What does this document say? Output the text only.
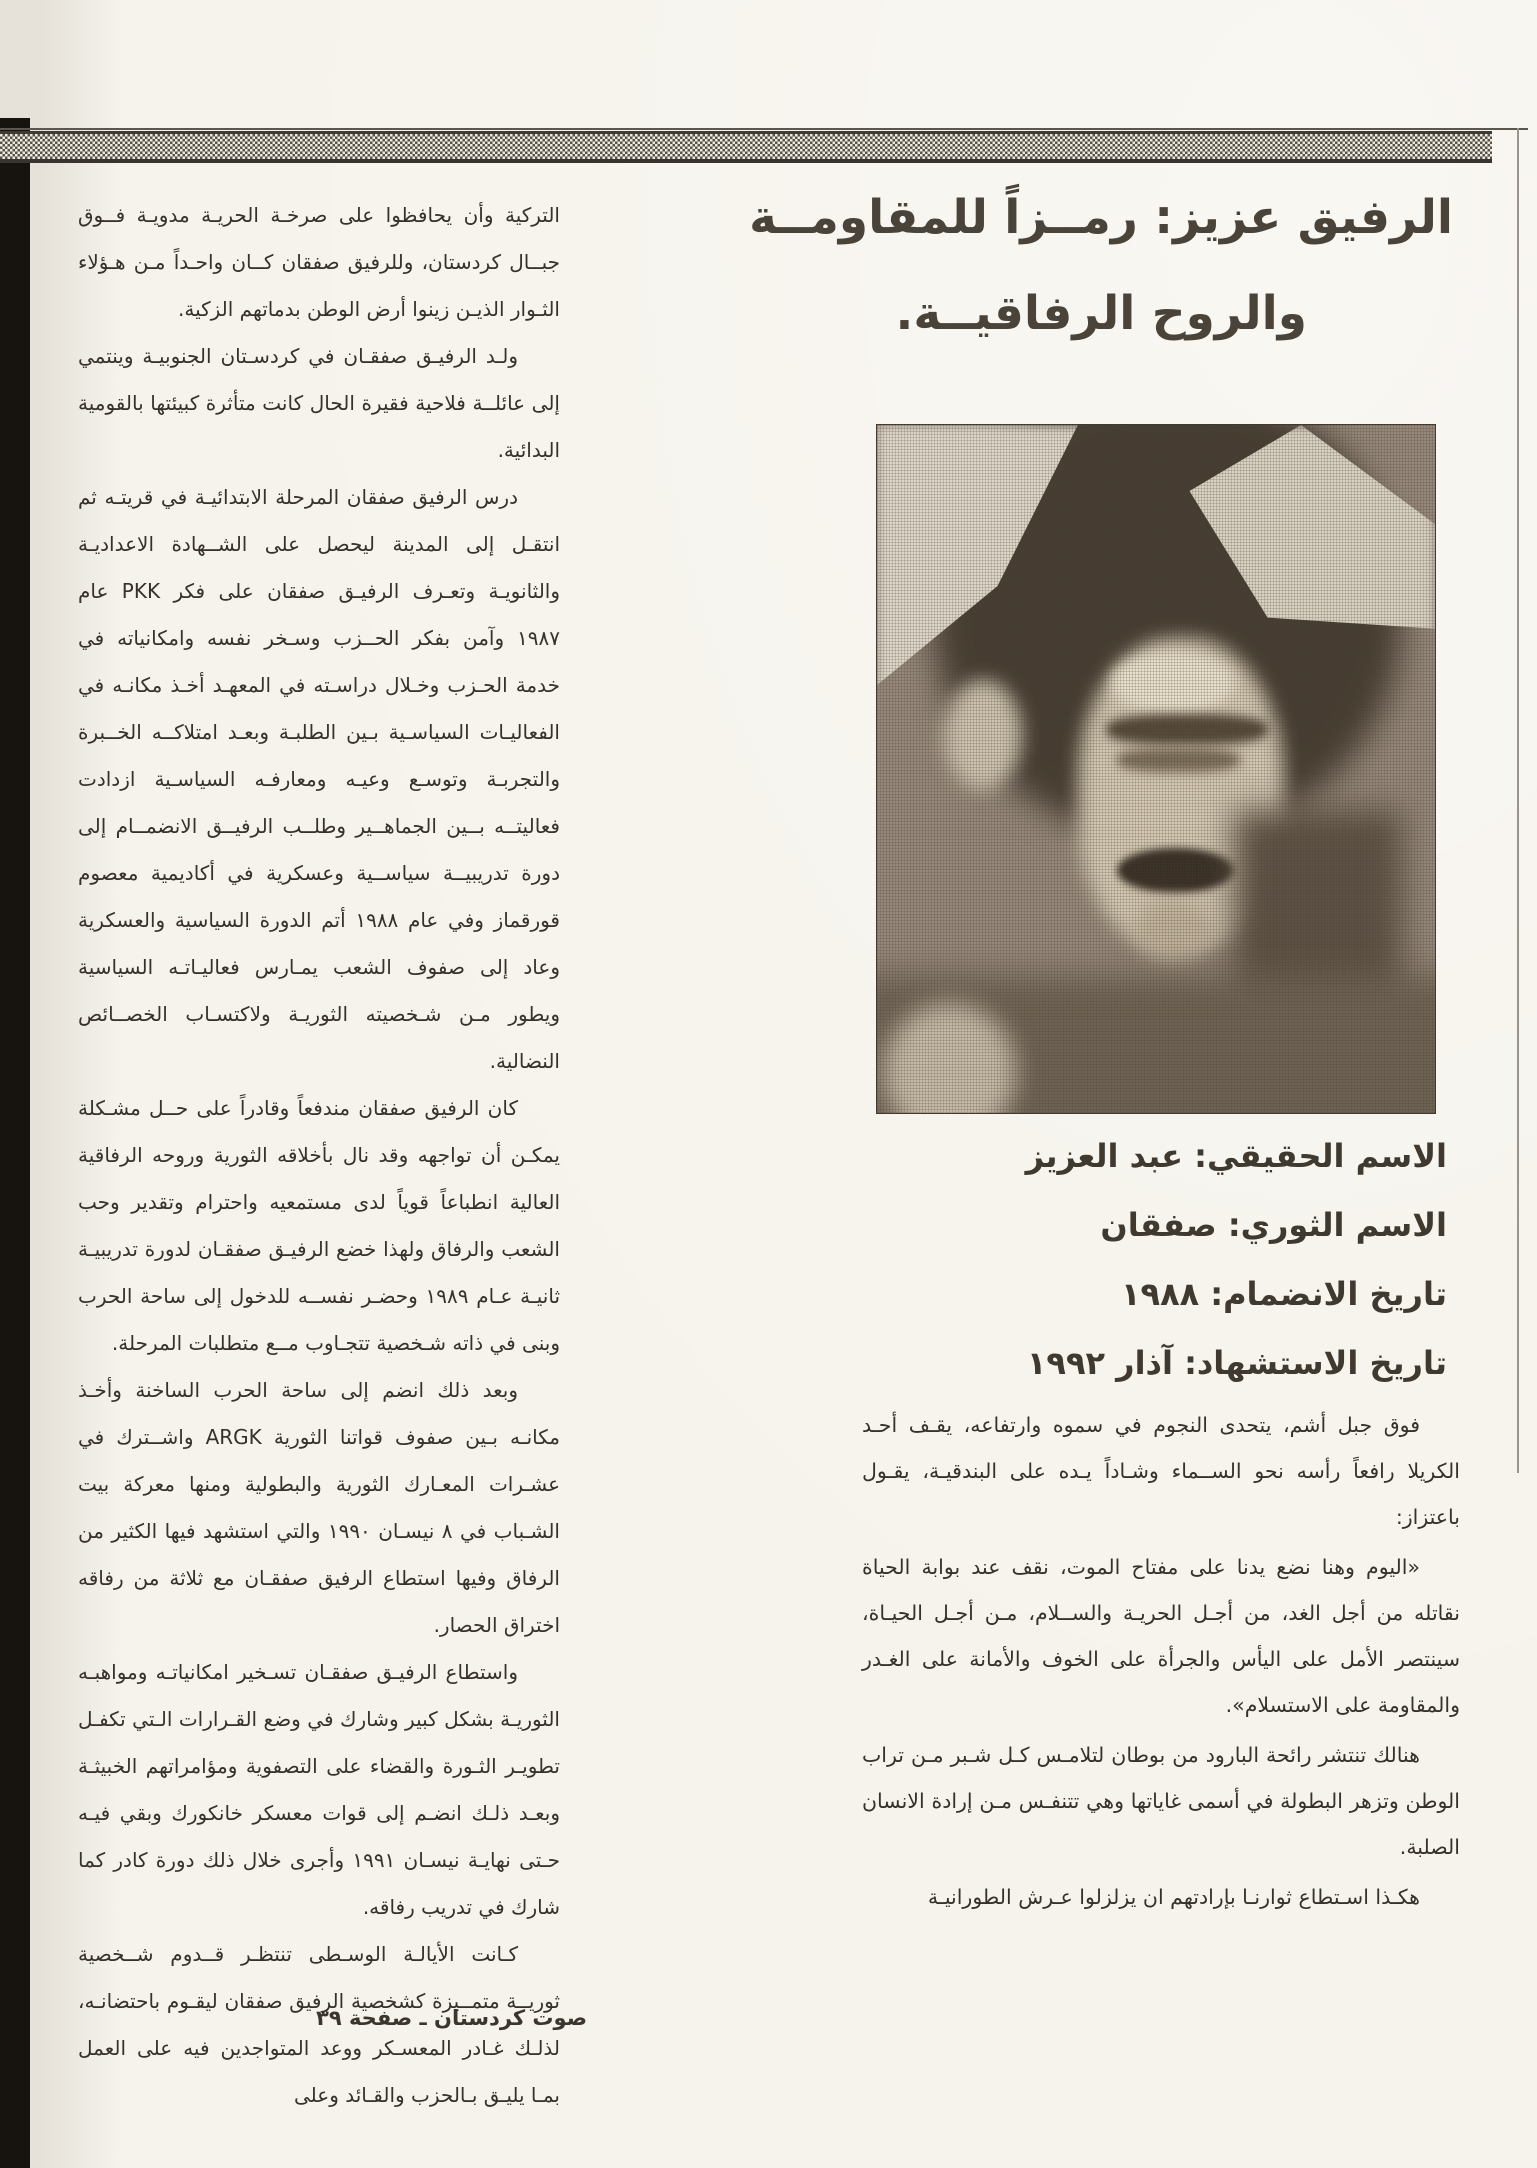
الرفيق عزيز: رمــزاً للمقاومــة
والروح الرفاقيــة.
الاسم الحقيقي: عبد العزيز
الاسم الثوري: صفقان
تاريخ الانضمام: ١٩٨٨
تاريخ الاستشهاد: آذار ١٩٩٢

فوق جبل أشم، يتحدى النجوم في سموه وارتفاعه، يقـف أحـد الكريلا رافعاً رأسه نحو الســماء وشـاداً يـده على البندقيـة، يقـول باعتزاز:

«اليوم وهنا نضع يدنا على مفتاح الموت، نقف عند بوابة الحياة نقاتله من أجل الغد، من أجـل الحريـة والســلام، مـن أجـل الحيـاة، سينتصر الأمل على اليأس والجرأة على الخوف والأمانة على الغـدر والمقاومة على الاستسلام».

هنالك تنتشر رائحة البارود من بوطان لتلامـس كـل شـبر مـن تراب الوطن وتزهر البطولة في أسمى غاياتها وهي تتنفـس مـن إرادة الانسان الصلبة.

هكـذا اسـتطاع ثوارنـا بإرادتهم ان يزلزلوا عـرش الطورانيـة

التركية وأن يحافظوا على صرخـة الحريـة مدويـة فــوق جبــال كردستان، وللرفيق صفقان كــان واحـداً مـن هـؤلاء الثـوار الذيـن زينوا أرض الوطن بدماتهم الزكية.

ولـد الرفيـق صفقـان في كردسـتان الجنوبيـة وينتمي إلى عائلــة فلاحية فقيرة الحال كانت متأثرة كبيئتها بالقومية البدائية.

درس الرفيق صفقان المرحلة الابتدائيـة في قريتـه ثم انتقـل إلى المدينة ليحصل على الشــهادة الاعداديـة والثانويـة وتعـرف الرفيـق صفقان على فكر PKK عام ١٩٨٧ وآمن بفكر الحــزب وسـخر نفسه وامكانياته في خدمة الحـزب وخـلال دراسـته في المعهـد أخـذ مكانـه في الفعاليـات السياسـية بـين الطلبـة وبعـد امتلاكــه الخــبرة والتجربـة وتوسـع وعيـه ومعارفـه السياسـية ازدادت فعاليتــه بــين الجماهــير وطلــب الرفيــق الانضمــام إلى دورة تدريبيــة سياســية وعسكرية في أكاديمية معصوم قورقماز وفي عام ١٩٨٨ أتم الدورة السياسية والعسكرية وعاد إلى صفوف الشعب يمـارس فعاليـاتـه السياسية ويطور مـن شـخصيته الثوريـة ولاكتسـاب الخصــائص النضالية.

كان الرفيق صفقان مندفعاً وقادراً على حــل مشـكلة يمكـن أن تواجهه وقد نال بأخلاقه الثورية وروحه الرفاقية العالية انطباعاً قوياً لدى مستمعيه واحترام وتقدير وحب الشعب والرفاق ولهذا خضع الرفيـق صفقـان لدورة تدريبيـة ثانيـة عـام ١٩٨٩ وحضـر نفســه للدخول إلى ساحة الحرب وبنى في ذاته شـخصية تتجـاوب مــع متطلبات المرحلة.

وبعد ذلك انضم إلى ساحة الحرب الساخنة وأخـذ مكانـه بـين صفوف قواتنا الثورية ARGK واشــترك في عشـرات المعـارك الثورية والبطولية ومنها معركة بيت الشـباب في ٨ نيسـان ١٩٩٠ والتي استشهد فيها الكثير من الرفاق وفيها استطاع الرفيق صفقـان مع ثلاثة من رفاقه اختراق الحصار.

واستطاع الرفيـق صفقـان تسـخير امكانياتـه ومواهبـه الثوريـة بشكل كبير وشارك في وضع القـرارات الـتي تكفـل تطويـر الثـورة والقضاء على التصفوية ومؤامراتهم الخبيثـة وبعـد ذلـك انضـم إلى قوات معسكر خانكورك وبقي فيـه حـتى نهايـة نيسـان ١٩٩١ وأجرى خلال ذلك دورة كادر كما شارك في تدريب رفاقه.

كـانت الأيالـة الوسـطى تنتظـر قــدوم شــخصية ثوريــة متمــيزة كشخصية الرفيق صفقان ليقـوم باحتضانـه، لذلـك غـادر المعسـكر ووعد المتواجدين فيه على العمل بمـا يليـق بـالحزب والقـائد وعلى

صوت كردستان ـ صفحة ٣٩
